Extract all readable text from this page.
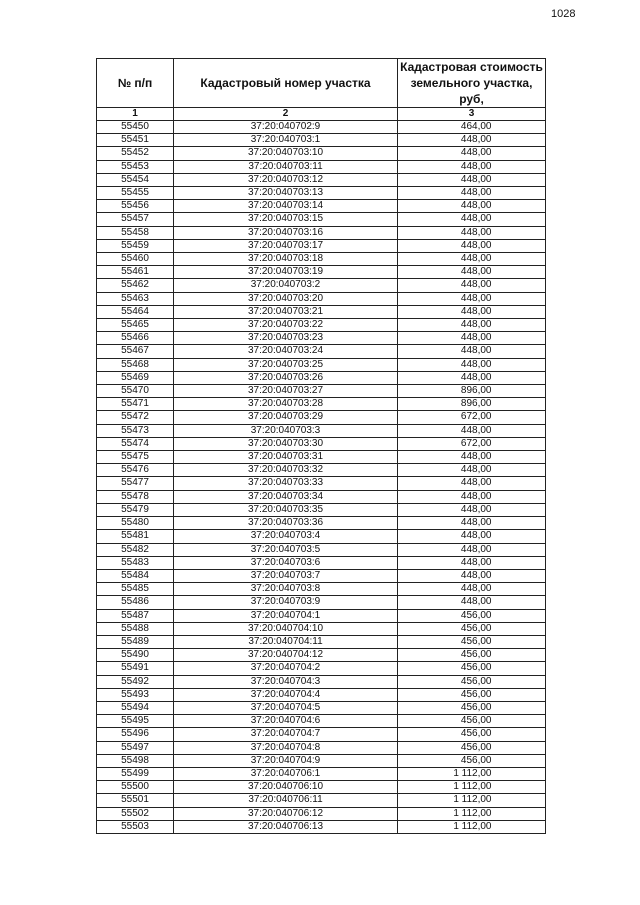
1028
№ п/п	Кадастровый номер участка	Кадастровая стоимость земельного участка, руб,
1	2	3
55450	37:20:040702:9	464,00
55451	37:20:040703:1	448,00
55452	37:20:040703:10	448,00
55453	37:20:040703:11	448,00
55454	37:20:040703:12	448,00
55455	37:20:040703:13	448,00
55456	37:20:040703:14	448,00
55457	37:20:040703:15	448,00
55458	37:20:040703:16	448,00
55459	37:20:040703:17	448,00
55460	37:20:040703:18	448,00
55461	37:20:040703:19	448,00
55462	37:20:040703:2	448,00
55463	37:20:040703:20	448,00
55464	37:20:040703:21	448,00
55465	37:20:040703:22	448,00
55466	37:20:040703:23	448,00
55467	37:20:040703:24	448,00
55468	37:20:040703:25	448,00
55469	37:20:040703:26	448,00
55470	37:20:040703:27	896,00
55471	37:20:040703:28	896,00
55472	37:20:040703:29	672,00
55473	37:20:040703:3	448,00
55474	37:20:040703:30	672,00
55475	37:20:040703:31	448,00
55476	37:20:040703:32	448,00
55477	37:20:040703:33	448,00
55478	37:20:040703:34	448,00
55479	37:20:040703:35	448,00
55480	37:20:040703:36	448,00
55481	37:20:040703:4	448,00
55482	37:20:040703:5	448,00
55483	37:20:040703:6	448,00
55484	37:20:040703:7	448,00
55485	37:20:040703:8	448,00
55486	37:20:040703:9	448,00
55487	37:20:040704:1	456,00
55488	37:20:040704:10	456,00
55489	37:20:040704:11	456,00
55490	37:20:040704:12	456,00
55491	37:20:040704:2	456,00
55492	37:20:040704:3	456,00
55493	37:20:040704:4	456,00
55494	37:20:040704:5	456,00
55495	37:20:040704:6	456,00
55496	37:20:040704:7	456,00
55497	37:20:040704:8	456,00
55498	37:20:040704:9	456,00
55499	37:20:040706:1	1 112,00
55500	37:20:040706:10	1 112,00
55501	37:20:040706:11	1 112,00
55502	37:20:040706:12	1 112,00
55503	37:20:040706:13	1 112,00
